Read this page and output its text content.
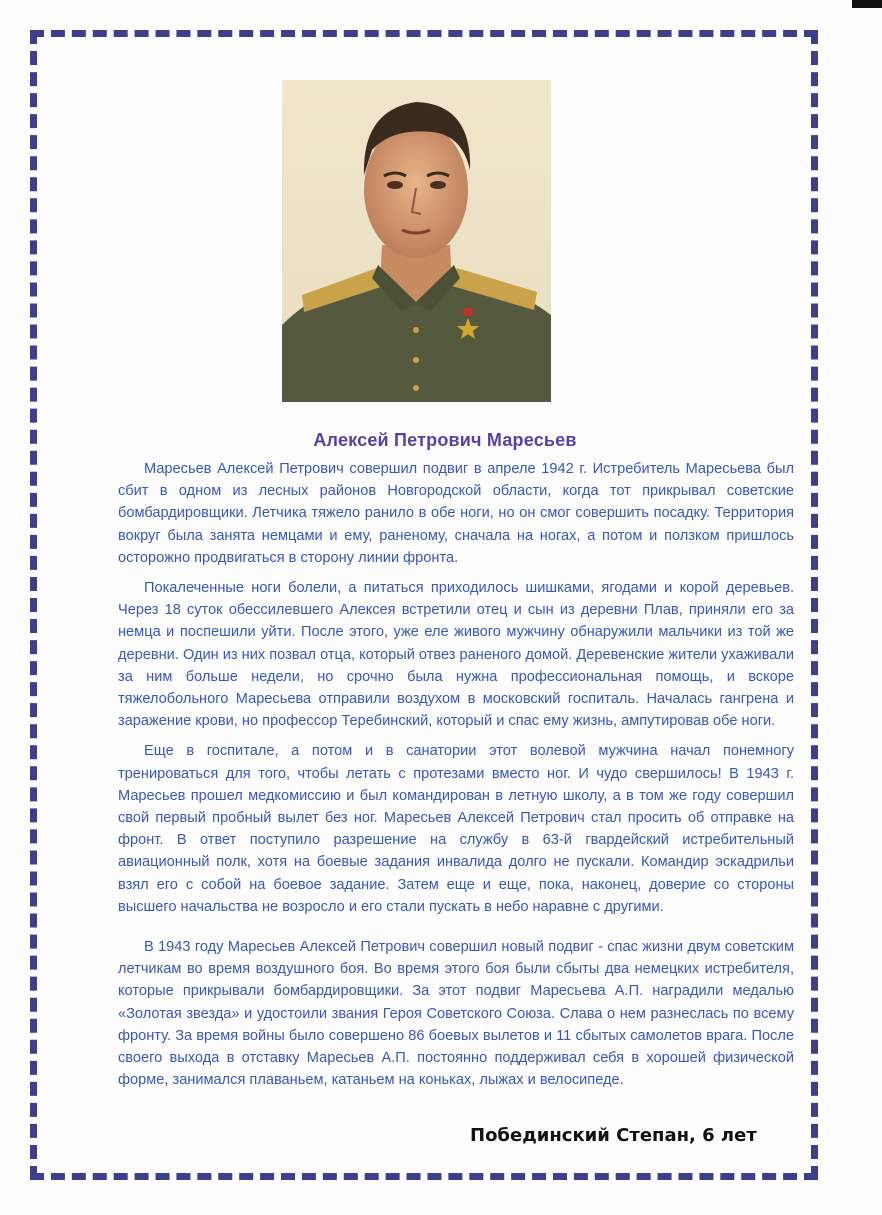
Алексей Петрович Маресьев

Маресьев Алексей Петрович совершил подвиг в апреле 1942 г. Истребитель Маресьева был сбит в одном из лесных районов Новгородской области, когда тот прикрывал советские бомбардировщики. Летчика тяжело ранило в обе ноги, но он смог совершить посадку. Территория вокруг была занята немцами и ему, раненому, сначала на ногах, а потом и ползком пришлось осторожно продвигаться в сторону линии фронта.

Покалеченные ноги болели, а питаться приходилось шишками, ягодами и корой деревьев. Через 18 суток обессилевшего Алексея встретили отец и сын из деревни Плав, приняли его за немца и поспешили уйти. После этого, уже еле живого мужчину обнаружили мальчики из той же деревни. Один из них позвал отца, который отвез раненого домой. Деревенские жители ухаживали за ним больше недели, но срочно была нужна профессиональная помощь, и вскоре тяжелобольного Маресьева отправили воздухом в московский госпиталь. Началась гангрена и заражение крови, но профессор Теребинский, который и спас ему жизнь, ампутировав обе ноги.

Еще в госпитале, а потом и в санатории этот волевой мужчина начал понемногу тренироваться для того, чтобы летать с протезами вместо ног. И чудо свершилось! В 1943 г. Маресьев прошел медкомиссию и был командирован в летную школу, а в том же году совершил свой первый пробный вылет без ног. Маресьев Алексей Петрович стал просить об отправке на фронт. В ответ поступило разрешение на службу в 63-й гвардейский истребительный авиационный полк, хотя на боевые задания инвалида долго не пускали. Командир эскадрильи взял его с собой на боевое задание. Затем еще и еще, пока, наконец, доверие со стороны высшего начальства не возросло и его стали пускать в небо наравне с другими.

В 1943 году Маресьев Алексей Петрович совершил новый подвиг - спас жизни двум советским летчикам во время воздушного боя. Во время этого боя были сбыты два немецких истребителя, которые прикрывали бомбардировщики. За этот подвиг Маресьева А.П. наградили медалью «Золотая звезда» и удостоили звания Героя Советского Союза. Слава о нем разнеслась по всему фронту. За время войны было совершено 86 боевых вылетов и 11 сбытых самолетов врага. После своего выхода в отставку Маресьев А.П. постоянно поддерживал себя в хорошей физической форме, занимался плаваньем, катаньем на коньках, лыжах и велосипеде.

Побединский Степан, 6 лет
